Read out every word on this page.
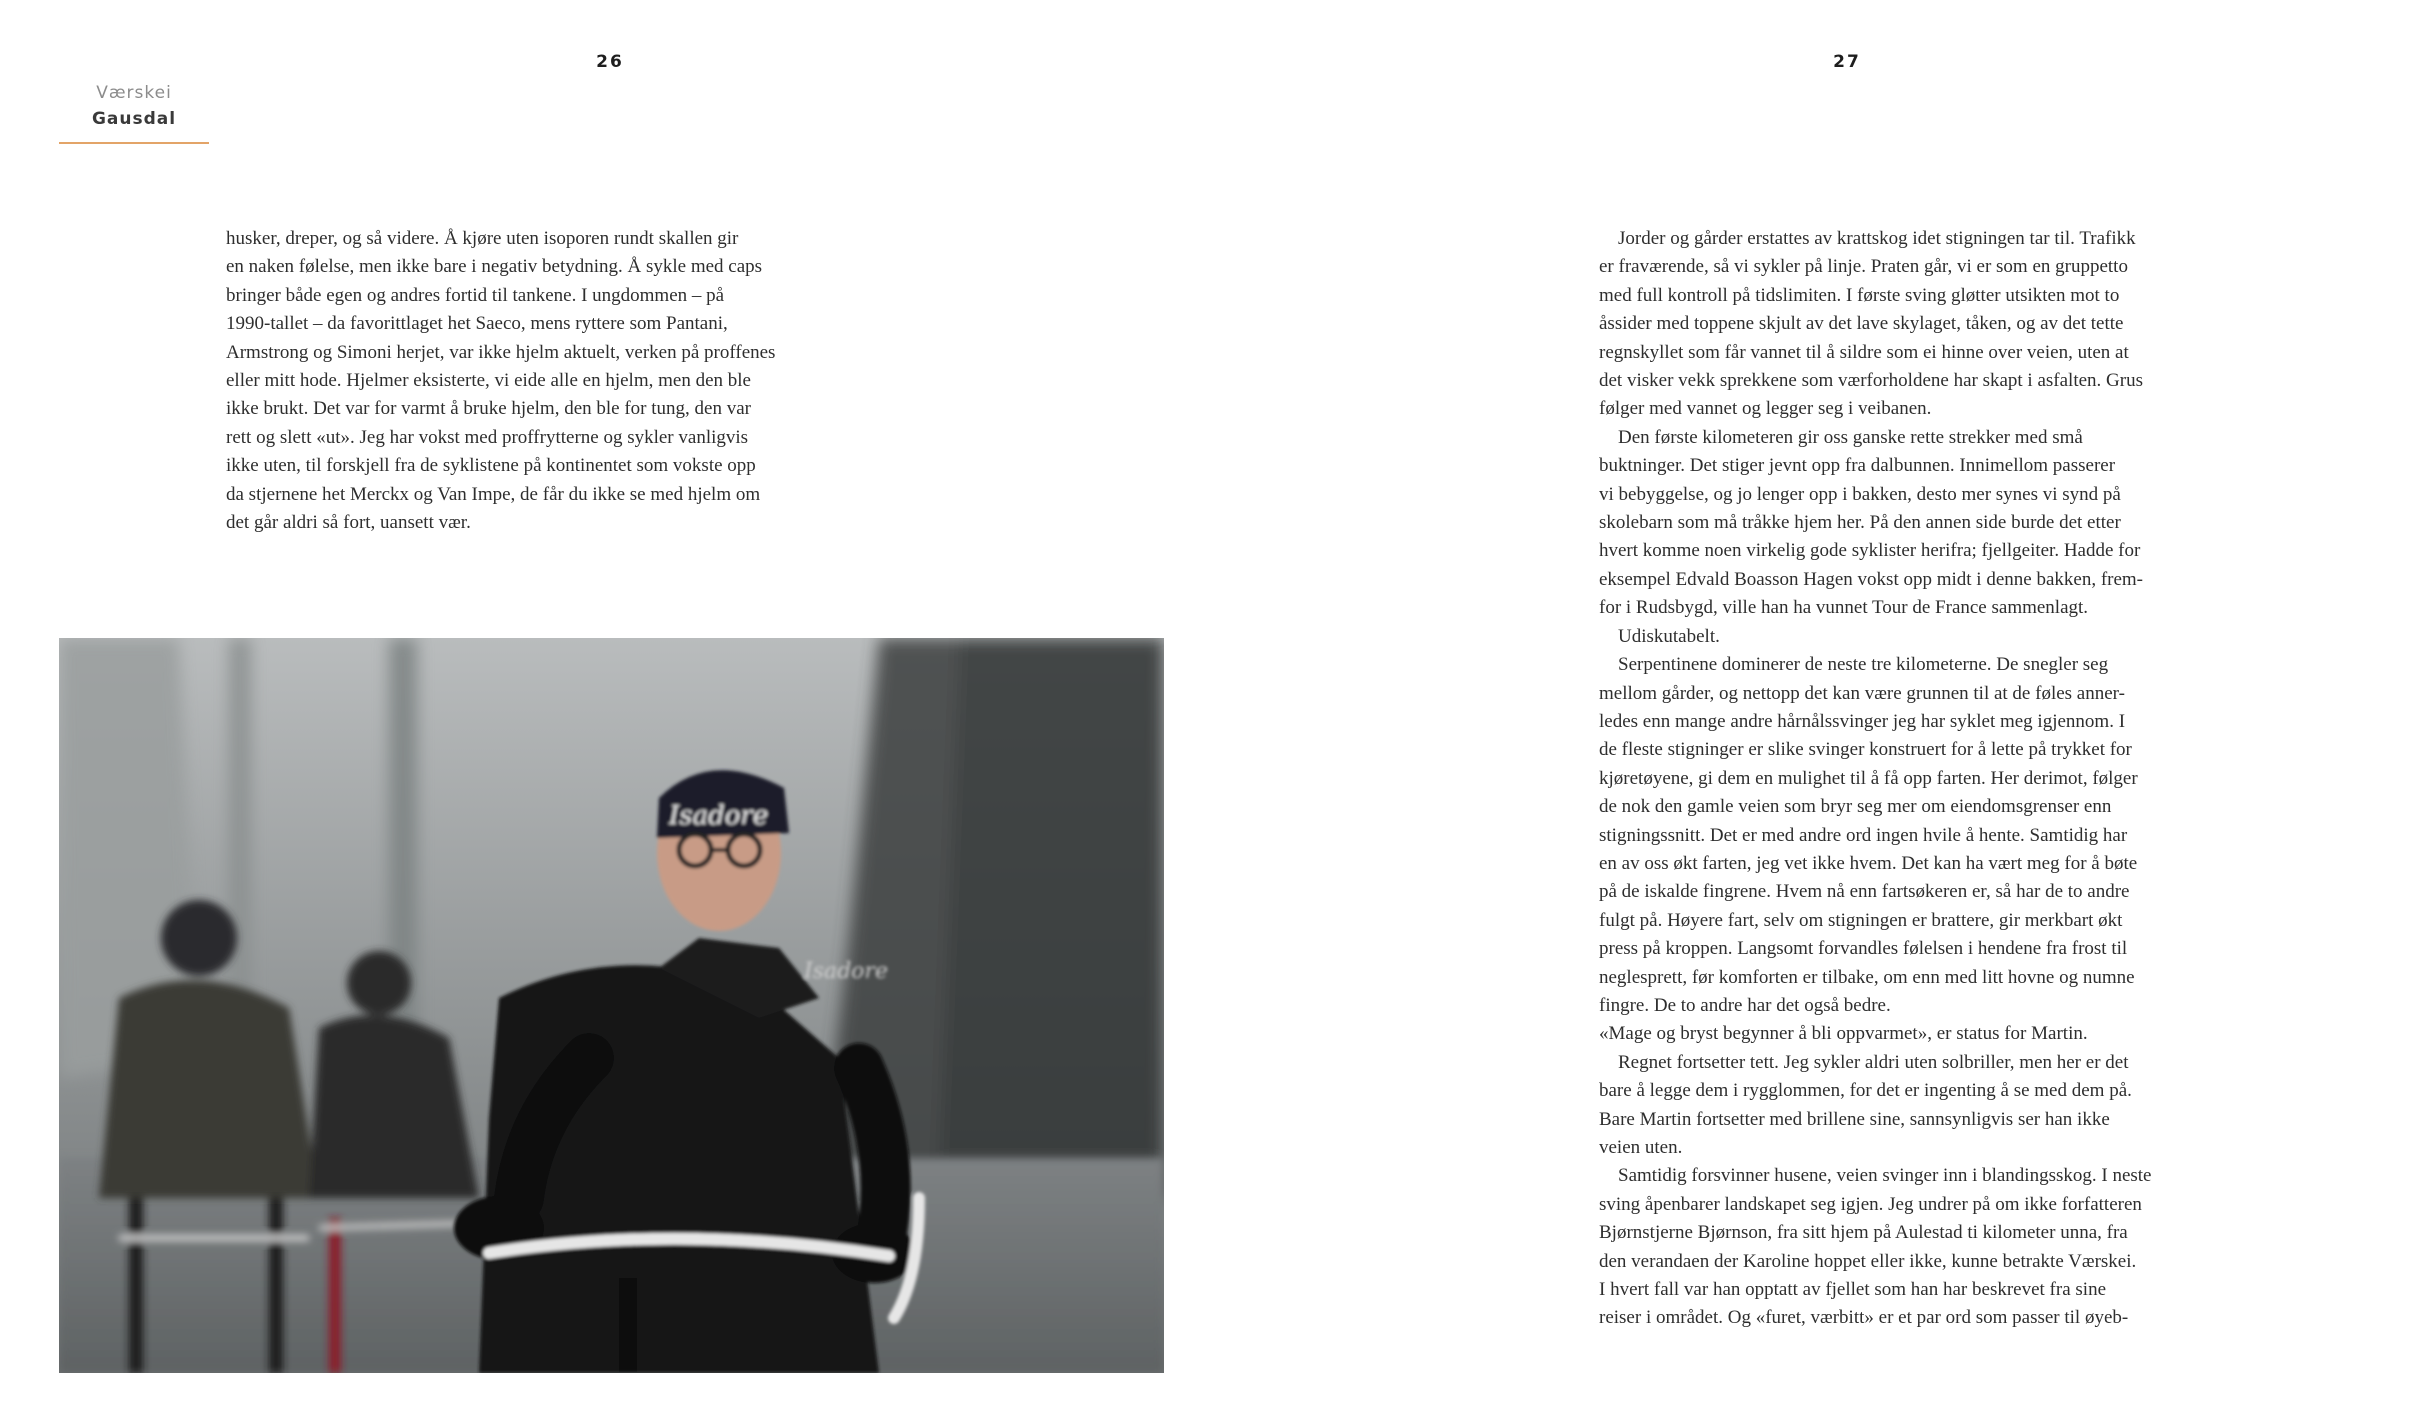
26
Værskei
Gausdal
husker, dreper, og så videre. Å kjøre uten isoporen rundt skallen gir
en naken følelse, men ikke bare i negativ betydning. Å sykle med caps
bringer både egen og andres fortid til tankene. I ungdommen – på
1990-tallet – da favorittlaget het Saeco, mens ryttere som Pantani,
Armstrong og Simoni herjet, var ikke hjelm aktuelt, verken på proffenes
eller mitt hode. Hjelmer eksisterte, vi eide alle en hjelm, men den ble
ikke brukt. Det var for varmt å bruke hjelm, den ble for tung, den var
rett og slett «ut». Jeg har vokst med proffrytterne og sykler vanligvis
ikke uten, til forskjell fra de syklistene på kontinentet som vokste opp
da stjernene het Merckx og Van Impe, de får du ikke se med hjelm om
det går aldri så fort, uansett vær.
Isadore
Isadore
27
Jorder og gårder erstattes av krattskog idet stigningen tar til. Trafikk
er fraværende, så vi sykler på linje. Praten går, vi er som en gruppetto
med full kontroll på tidslimiten. I første sving gløtter utsikten mot to
åssider med toppene skjult av det lave skylaget, tåken, og av det tette
regnskyllet som får vannet til å sildre som ei hinne over veien, uten at
det visker vekk sprekkene som værforholdene har skapt i asfalten. Grus
følger med vannet og legger seg i veibanen.
Den første kilometeren gir oss ganske rette strekker med små
buktninger. Det stiger jevnt opp fra dalbunnen. Innimellom passerer
vi bebyggelse, og jo lenger opp i bakken, desto mer synes vi synd på
skolebarn som må tråkke hjem her. På den annen side burde det etter
hvert komme noen virkelig gode syklister herifra; fjellgeiter. Hadde for
eksempel Edvald Boasson Hagen vokst opp midt i denne bakken, frem-
for i Rudsbygd, ville han ha vunnet Tour de France sammenlagt.
Udiskutabelt.
Serpentinene dominerer de neste tre kilometerne. De snegler seg
mellom gårder, og nettopp det kan være grunnen til at de føles anner-
ledes enn mange andre hårnålssvinger jeg har syklet meg igjennom. I
de fleste stigninger er slike svinger konstruert for å lette på trykket for
kjøretøyene, gi dem en mulighet til å få opp farten. Her derimot, følger
de nok den gamle veien som bryr seg mer om eiendomsgrenser enn
stigningssnitt. Det er med andre ord ingen hvile å hente. Samtidig har
en av oss økt farten, jeg vet ikke hvem. Det kan ha vært meg for å bøte
på de iskalde fingrene. Hvem nå enn fartsøkeren er, så har de to andre
fulgt på. Høyere fart, selv om stigningen er brattere, gir merkbart økt
press på kroppen. Langsomt forvandles følelsen i hendene fra frost til
neglesprett, før komforten er tilbake, om enn med litt hovne og numne
fingre. De to andre har det også bedre.
«Mage og bryst begynner å bli oppvarmet», er status for Martin.
Regnet fortsetter tett. Jeg sykler aldri uten solbriller, men her er det
bare å legge dem i rygglommen, for det er ingenting å se med dem på.
Bare Martin fortsetter med brillene sine, sannsynligvis ser han ikke
veien uten.
Samtidig forsvinner husene, veien svinger inn i blandingsskog. I neste
sving åpenbarer landskapet seg igjen. Jeg undrer på om ikke forfatteren
Bjørnstjerne Bjørnson, fra sitt hjem på Aulestad ti kilometer unna, fra
den verandaen der Karoline hoppet eller ikke, kunne betrakte Værskei.
I hvert fall var han opptatt av fjellet som han har beskrevet fra sine
reiser i området. Og «furet, værbitt» er et par ord som passer til øyeb-
